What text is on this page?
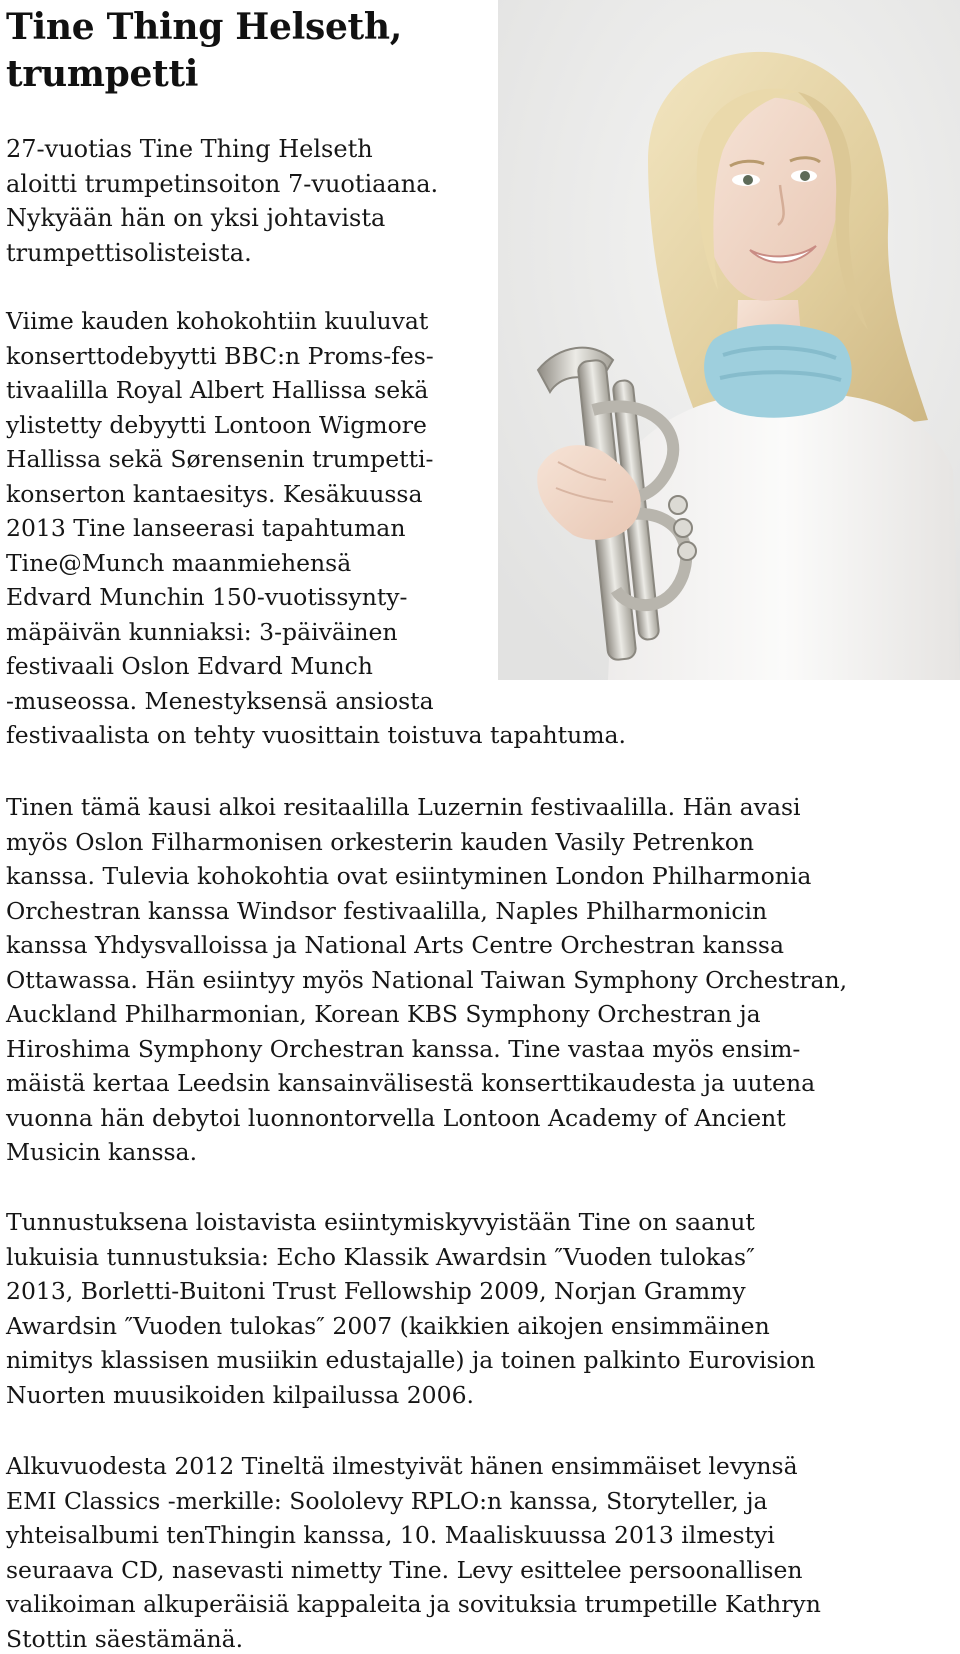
Tine Thing Helseth,
trumpetti

27-vuotias Tine Thing Helseth
aloitti trumpetinsoiton 7-vuotiaana.
Nykyään hän on yksi johtavista
trumpettisolisteista.

Viime kauden kohokohtiin kuuluvat
konserttodebyytti BBC:n Proms-fes-
tivaalilla Royal Albert Hallissa sekä
ylistetty debyytti Lontoon Wigmore
Hallissa sekä Sørensenin trumpetti-
konserton kantaesitys. Kesäkuussa
2013 Tine lanseerasi tapahtuman
Tine@Munch maanmiehensä
Edvard Munchin 150-vuotissynty-
mäpäivän kunniaksi: 3-päiväinen
festivaali Oslon Edvard Munch
-museossa. Menestyksensä ansiosta
festivaalista on tehty vuosittain toistuva tapahtuma.

Tinen tämä kausi alkoi resitaalilla Luzernin festivaalilla. Hän avasi
myös Oslon Filharmonisen orkesterin kauden Vasily Petrenkon
kanssa. Tulevia kohokohtia ovat esiintyminen London Philharmonia
Orchestran kanssa Windsor festivaalilla, Naples Philharmonicin
kanssa Yhdysvalloissa ja National Arts Centre Orchestran kanssa
Ottawassa. Hän esiintyy myös National Taiwan Symphony Orchestran,
Auckland Philharmonian, Korean KBS Symphony Orchestran ja
Hiroshima Symphony Orchestran kanssa. Tine vastaa myös ensim-
mäistä kertaa Leedsin kansainvälisestä konserttikaudesta ja uutena
vuonna hän debytoi luonnontorvella Lontoon Academy of Ancient
Musicin kanssa.

Tunnustuksena loistavista esiintymiskyvyistään Tine on saanut
lukuisia tunnustuksia: Echo Klassik Awardsin ″Vuoden tulokas″
2013, Borletti-Buitoni Trust Fellowship 2009, Norjan Grammy
Awardsin ″Vuoden tulokas″ 2007 (kaikkien aikojen ensimmäinen
nimitys klassisen musiikin edustajalle) ja toinen palkinto Eurovision
Nuorten muusikoiden kilpailussa 2006.

Alkuvuodesta 2012 Tineltä ilmestyivät hänen ensimmäiset levynsä
EMI Classics -merkille: Soololevy RPLO:n kanssa, Storyteller, ja
yhteisalbumi tenThingin kanssa, 10. Maaliskuussa 2013 ilmestyi
seuraava CD, nasevasti nimetty Tine. Levy esittelee persoonallisen
valikoiman alkuperäisiä kappaleita ja sovituksia trumpetille Kathryn
Stottin säestämänä.
